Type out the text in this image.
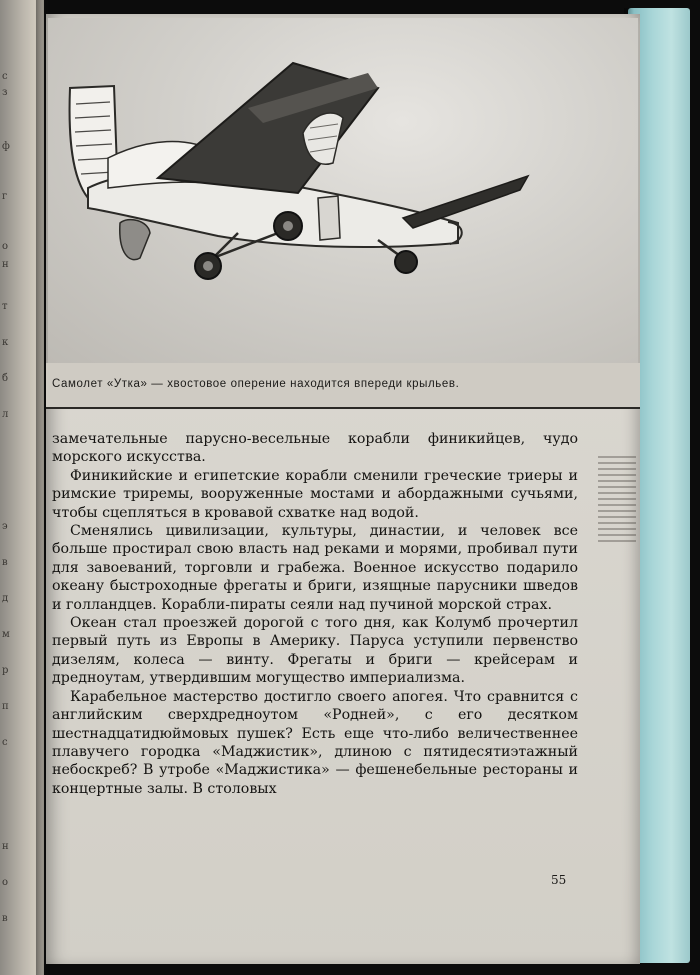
с
з
ф
г
о
н
т
к
б
л
э
в
д
м
р
п
с
н
о
в
Самолет «Утка» — хвостовое оперение находится впереди крыльев.

замечательные парусно-весельные корабли финикийцев, чудо морского искусства.

Финикийские и египетские корабли сменили греческие триеры и римские триремы, вооруженные мостами и абордажными сучьями, чтобы сцепляться в кровавой схватке над водой.

Сменялись цивилизации, культуры, династии, и человек все больше простирал свою власть над реками и морями, пробивал пути для завоеваний, торговли и грабежа. Военное искусство подарило океану быстроходные фрегаты и бриги, изящные парусники шведов и голландцев. Корабли-пираты сеяли над пучиной морской страх.

Океан стал проезжей дорогой с того дня, как Колумб прочертил первый путь из Европы в Америку. Паруса уступили первенство дизелям, колеса — винту. Фрегаты и бриги — крейсерам и дредноутам, утвердившим могущество империализма.

Карабельное мастерство достигло своего апогея. Что сравнится с английским сверхдредноутом «Родней», с его десятком шестнадцатидюймовых пушек? Есть еще что-либо величественнее плавучего городка «Маджистик», длиною с пятидесятиэтажный небоскреб? В утробе «Маджистика» — фешенебельные рестораны и концертные залы. В столовых

55
